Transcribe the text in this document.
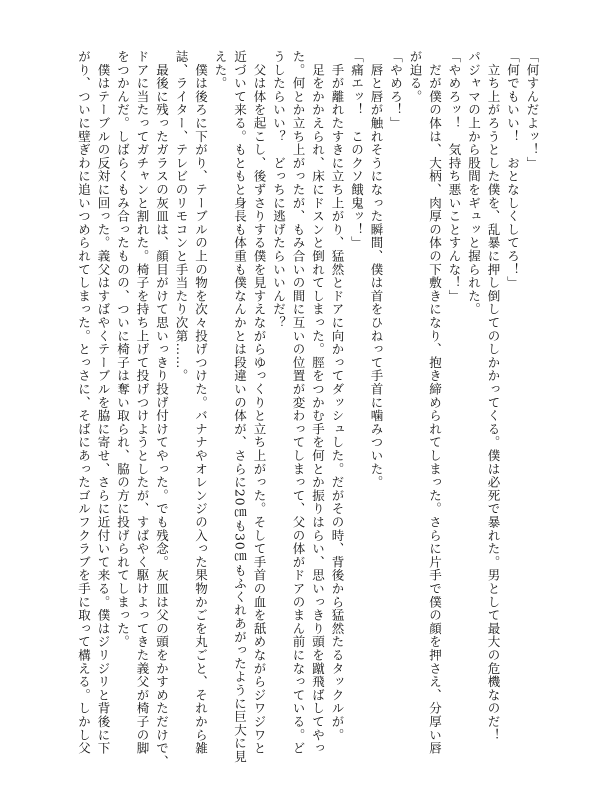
「何すんだよッ！」
「何でもいい！　おとなしくしてろ！」
　立ち上がろうとした僕を、乱暴に押し倒してのしかかってくる。僕は必死で暴れた。男として最大の危機なのだ！
パジャマの上から股間をギュッと握られた。
「やめろッ！　気持ち悪いことすんな！」
　だが僕の体は、大柄、肉厚の体の下敷きになり、抱き締められてしまった。さらに片手で僕の顔を押さえ、分厚い唇
が迫る。
「やめろ！」
　唇と唇が触れそうになった瞬間、僕は首をひねって手首に噛みついた。
「痛エッ！　このクソ餓鬼ッ！」
　手が離れたすきに立ち上がり、猛然とドアに向かってダッシュした。だがその時、背後から猛然たるタックルが。
　足をかかえられ、床にドスンと倒れてしまった。脛をつかむ手を何とか振りはらい、思いっきり頭を蹴飛ばしてやっ
た。何とか立ち上がったが、もみ合いの間に互いの位置が変わってしまって、父の体がドアのまん前になっている。ど
うしたらいい？　どっちに逃げたらいいんだ？
　父は体を起こし、後ずさりする僕を見すえながらゆっくりと立ち上がった。そして手首の血を舐めながらジワジワと
近づいて来る。もともと身長も体重も僕なんかとは段違いの体が、さらに20㎝も30㎝もふくれあがったように巨大に見
えた。
　僕は後ろに下がり、テーブルの上の物を次々投げつけた。バナナやオレンジの入った果物かごを丸ごと、それから雑
誌、ライター、テレビのリモコンと手当たり次第……。
　最後に残ったガラスの灰皿は、顔目がけて思いっきり投げ付けてやった。でも残念。灰皿は父の頭をかすめただけで、
ドアに当たってガチャンと割れた。椅子を持ち上げて投げつけようとしたが、すばやく駆けよってきた義父が椅子の脚
をつかんだ。しばらくもみ合ったものの、ついに椅子は奪い取られ、脇の方に投げられてしまった。
　僕はテーブルの反対に回った。義父はすばやくテーブルを脇に寄せ、さらに近付いて来る。僕はジリジリと背後に下
がり、ついに壁ぎわに追いつめられてしまった。とっさに、そばにあったゴルフクラブを手に取って構える。しかし父
